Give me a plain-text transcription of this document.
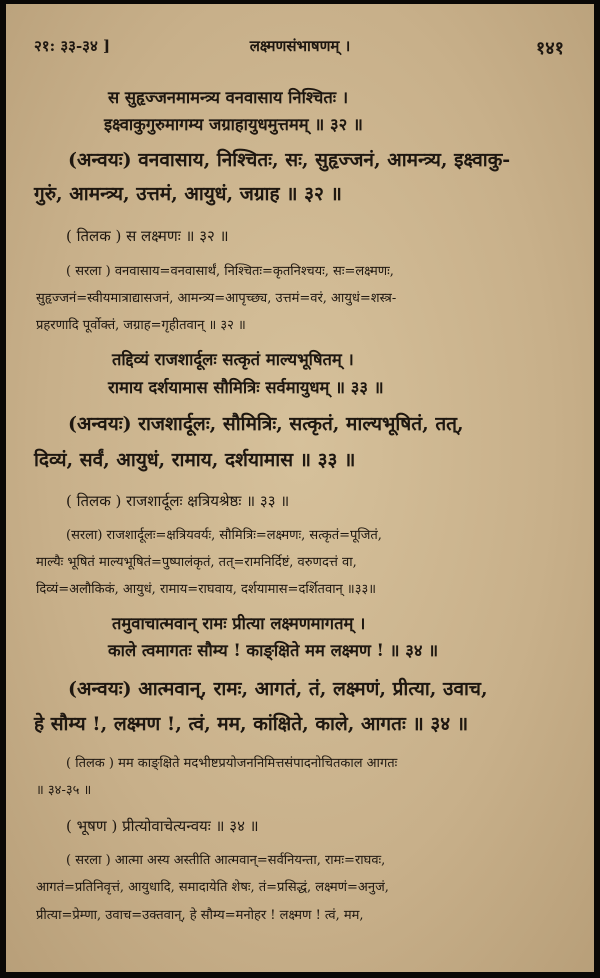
२१: ३३-३४ ]	लक्ष्मणसंभाषणम् ।	१४१
स सुहृज्जनमामन्त्र्य वनवासाय निश्चितः ।
इक्ष्वाकुगुरुमागम्य जग्राहायुधमुत्तमम् ॥ ३२ ॥
(अन्वयः) वनवासाय, निश्चितः, सः, सुहृज्जनं, आमन्त्र्य, इक्ष्वाकु-
गुरुं, आमन्त्र्य, उत्तमं, आयुधं, जग्राह ॥ ३२ ॥
( तिलक ) स लक्ष्मणः ॥ ३२ ॥
( सरला ) वनवासाय=वनवासार्थं, निश्चितः=कृतनिश्चयः, सः=लक्ष्मणः,
सुहृज्जनं=स्वीयमात्राद्यासजनं, आमन्त्र्य=आपृच्छ्य, उत्तमं=वरं, आयुधं=शस्त्र-
प्रहरणादि पूर्वोक्तं, जग्राह=गृहीतवान् ॥ ३२ ॥
तद्दिव्यं राजशार्दूलः सत्कृतं माल्यभूषितम् ।
रामाय दर्शयामास सौमित्रिः सर्वमायुधम् ॥ ३३ ॥
(अन्वयः) राजशार्दूलः, सौमित्रिः, सत्कृतं, माल्यभूषितं, तत्,
दिव्यं, सर्वं, आयुधं, रामाय, दर्शयामास ॥ ३३ ॥
( तिलक ) राजशार्दूलः क्षत्रियश्रेष्ठः ॥ ३३ ॥
(सरला) राजशार्दूलः=क्षत्रियवर्यः, सौमित्रिः=लक्ष्मणः, सत्कृतं=पूजितं,
माल्यैः भूषितं माल्यभूषितं=पुष्पालंकृतं, तत्=रामनिर्दिष्टं, वरुणदत्तं वा,
दिव्यं=अलौकिकं, आयुधं, रामाय=राघवाय, दर्शयामास=दर्शितवान् ॥३३॥
तमुवाचात्मवान् रामः प्रीत्या लक्ष्मणमागतम् ।
काले त्वमागतः सौम्य ! काङ्क्षिते मम लक्ष्मण ! ॥ ३४ ॥
(अन्वयः) आत्मवान्, रामः, आगतं, तं, लक्ष्मणं, प्रीत्या, उवाच,
हे सौम्य !, लक्ष्मण !, त्वं, मम, कांक्षिते, काले, आगतः ॥ ३४ ॥
( तिलक ) मम काङ्क्षिते मदभीष्टप्रयोजननिमित्तसंपादनोचितकाल आगतः
॥ ३४-३५ ॥
( भूषण ) प्रीत्योवाचेत्यन्वयः ॥ ३४ ॥
( सरला ) आत्मा अस्य अस्तीति आत्मवान्=सर्वनियन्ता, रामः=राघवः,
आगतं=प्रतिनिवृत्तं, आयुधादि, समादायेति शेषः, तं=प्रसिद्धं, लक्ष्मणं=अनुजं,
प्रीत्या=प्रेम्णा, उवाच=उक्तवान्, हे सौम्य=मनोहर ! लक्ष्मण ! त्वं, मम,
